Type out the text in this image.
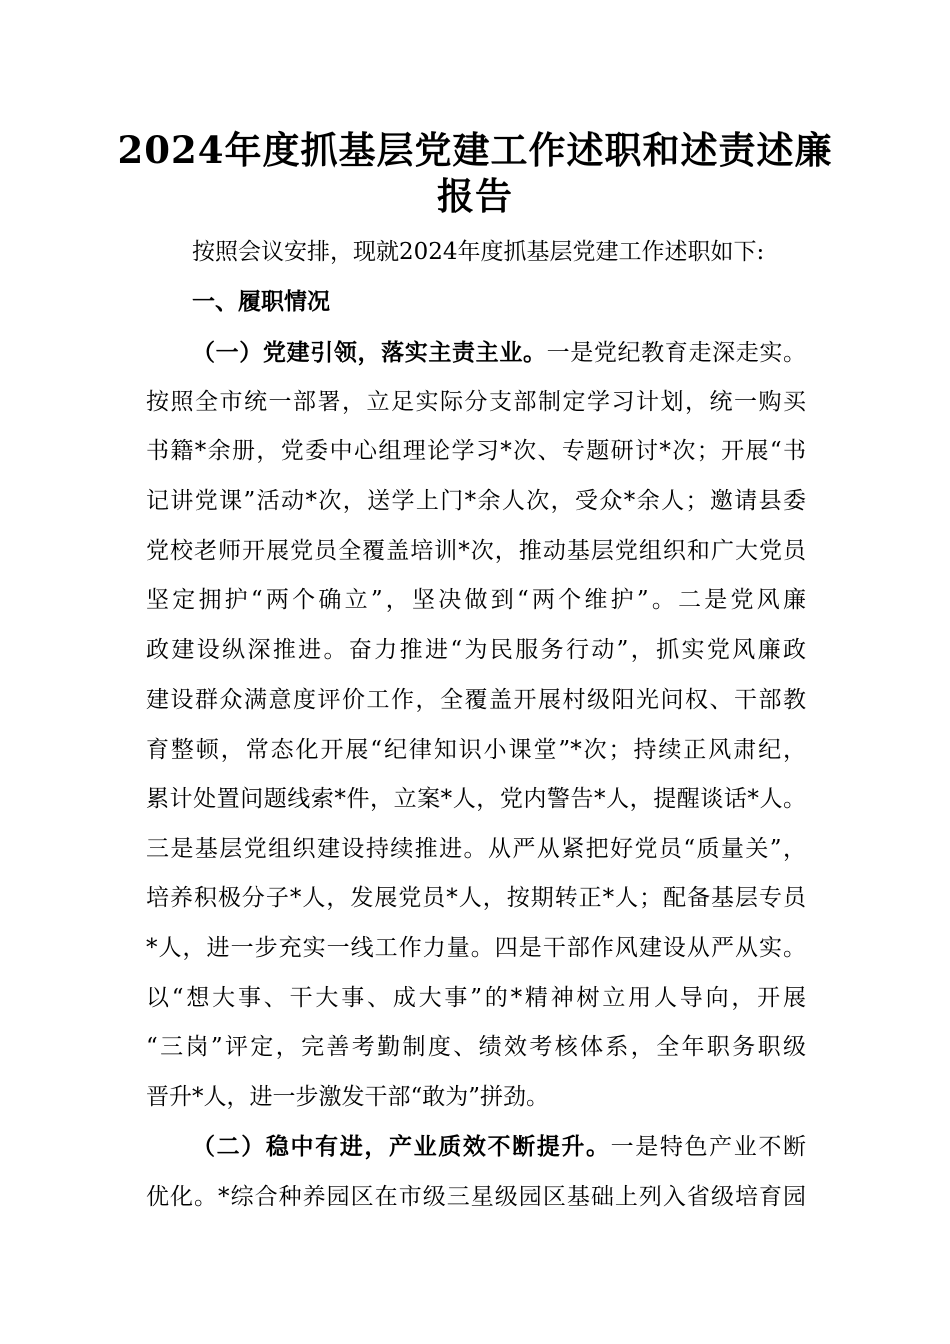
2024年度抓基层党建工作述职和述责述廉
报告
按照会议安排，现就2024年度抓基层党建工作述职如下:
一、履职情况
（一）党建引领，落实主责主业。一是党纪教育走深走实。
按照全市统一部署，立足实际分支部制定学习计划，统一购买
书籍*余册，党委中心组理论学习*次、专题研讨*次；开展“书
记讲党课”活动*次，送学上门*余人次，受众*余人；邀请县委
党校老师开展党员全覆盖培训*次，推动基层党组织和广大党员
坚定拥护“两个确立”，坚决做到“两个维护”。二是党风廉
政建设纵深推进。奋力推进“为民服务行动”，抓实党风廉政
建设群众满意度评价工作，全覆盖开展村级阳光问权、干部教
育整顿，常态化开展“纪律知识小课堂”*次；持续正风肃纪，
累计处置问题线索*件，立案*人，党内警告*人，提醒谈话*人。
三是基层党组织建设持续推进。从严从紧把好党员“质量关”，
培养积极分子*人，发展党员*人，按期转正*人；配备基层专员
*人，进一步充实一线工作力量。四是干部作风建设从严从实。
以“想大事、干大事、成大事”的*精神树立用人导向，开展
“三岗”评定，完善考勤制度、绩效考核体系，全年职务职级
晋升*人，进一步激发干部“敢为”拼劲。
（二）稳中有进，产业质效不断提升。一是特色产业不断
优化。*综合种养园区在市级三星级园区基础上列入省级培育园
